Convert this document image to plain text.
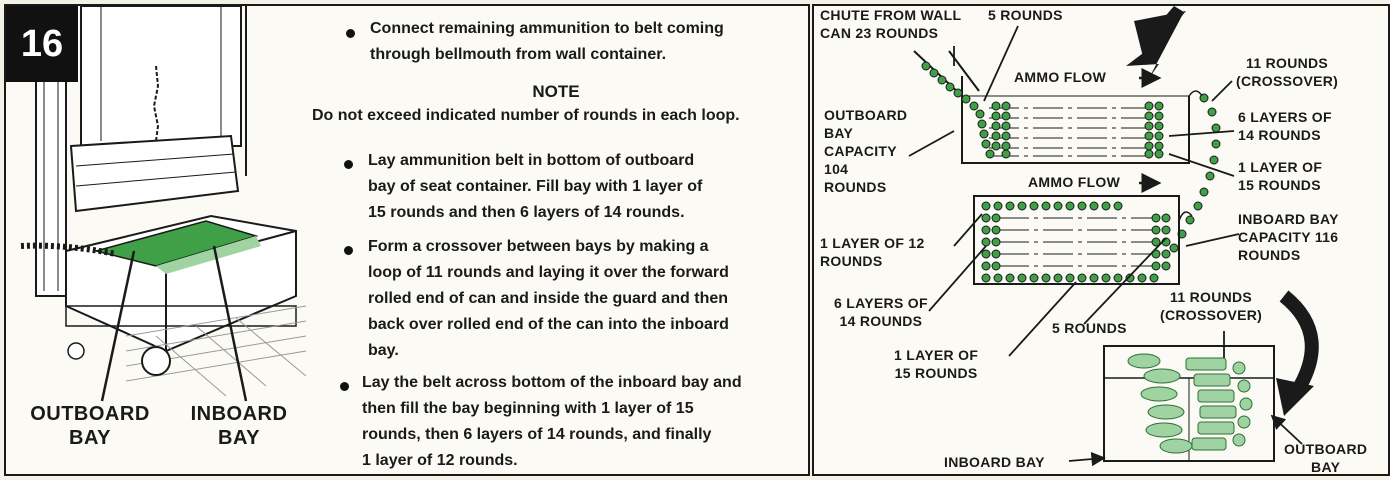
16
OUTBOARD
BAY
INBOARD
BAY
Connect remaining ammunition to belt coming
through bellmouth from wall container.
NOTE
Do not exceed indicated number of rounds in each loop.
Lay ammunition belt in bottom of outboard
bay of seat container. Fill bay with 1 layer of
15 rounds and then 6 layers of 14 rounds.
Form a crossover between bays by making a
loop of 11 rounds and laying it over the forward
rolled end of can and inside the guard and then
back over rolled end of the can into the inboard
bay.
Lay the belt across bottom of the inboard bay and
then fill the bay beginning with 1 layer of 15
rounds, then 6 layers of 14 rounds, and finally
1 layer of 12 rounds.
CHUTE FROM WALL
CAN 23 ROUNDS
5 ROUNDS
AMMO FLOW
11 ROUNDS
(CROSSOVER)
OUTBOARD
BAY
CAPACITY
104
ROUNDS
6 LAYERS OF
14 ROUNDS
1 LAYER OF
15 ROUNDS
AMMO FLOW
INBOARD BAY
CAPACITY 116
ROUNDS
1 LAYER OF 12
ROUNDS
6 LAYERS OF
14 ROUNDS	5 ROUNDS
1 LAYER OF
15 ROUNDS
11 ROUNDS
(CROSSOVER)
INBOARD BAY
OUTBOARD
BAY
